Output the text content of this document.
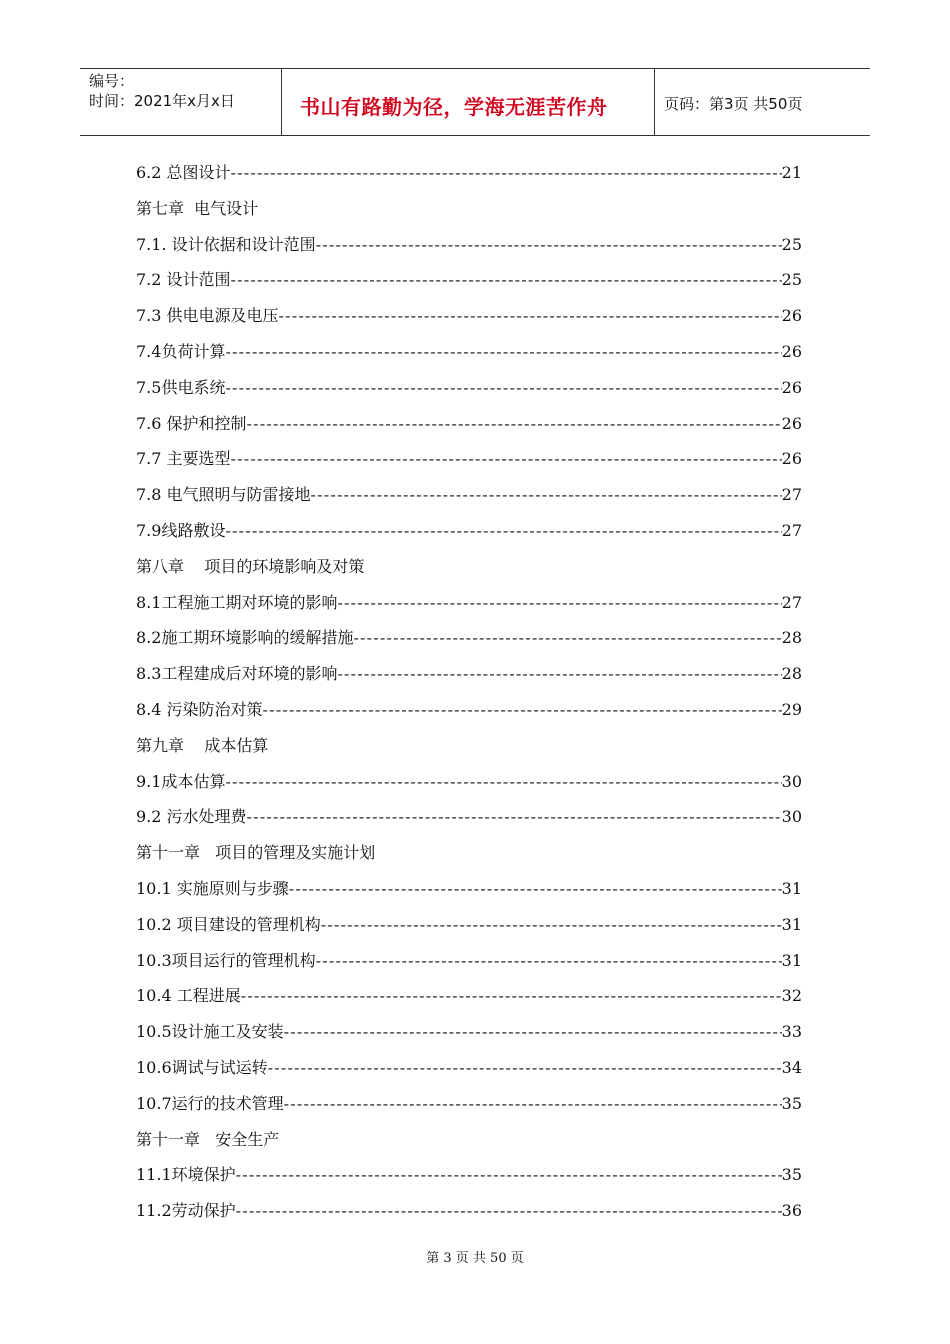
编号：
时间：2021年x月x日	书山有路勤为径，学海无涯苦作舟	页码：第3页 共50页
6.2 总图设计 -----	21
第七章  电气设计
7.1. 设计依据和设计范围 -----	25
7.2 设计范围 -----	25
7.3 供电电源及电压 -----	26
7.4负荷计算 -----	26
7.5供电系统 -----	26
7.6 保护和控制 -----	26
7.7 主要选型 -----	26
7.8 电气照明与防雷接地 -----	27
7.9线路敷设 -----	27
第八章    项目的环境影响及对策
8.1工程施工期对环境的影响 -----	27
8.2施工期环境影响的缓解措施 -----	28
8.3工程建成后对环境的影响 -----	28
8.4 污染防治对策 -----	29
第九章    成本估算
9.1成本估算 -----	30
9.2 污水处理费 -----	30
第十一章   项目的管理及实施计划
10.1 实施原则与步骤 -----	31
10.2 项目建设的管理机构 -----	31
10.3项目运行的管理机构 -----	31
10.4 工程进展 -----	32
10.5设计施工及安装 -----	33
10.6调试与试运转 -----	34
10.7运行的技术管理 -----	35
第十一章   安全生产
11.1环境保护 -----	35
11.2劳动保护 -----	36
第 3 页 共 50 页
